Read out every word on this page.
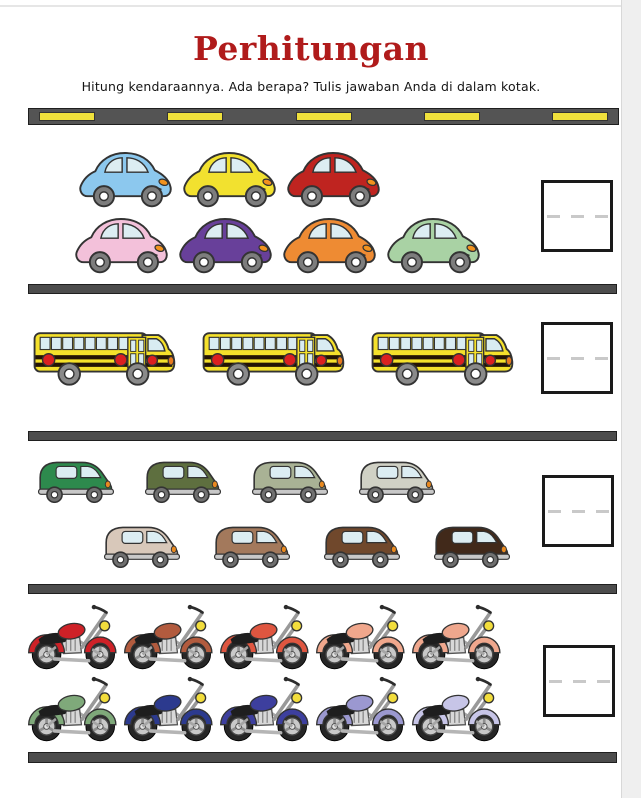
Perhitungan

Hitung kendaraannya. Ada berapa? Tulis jawaban Anda di dalam kotak.
